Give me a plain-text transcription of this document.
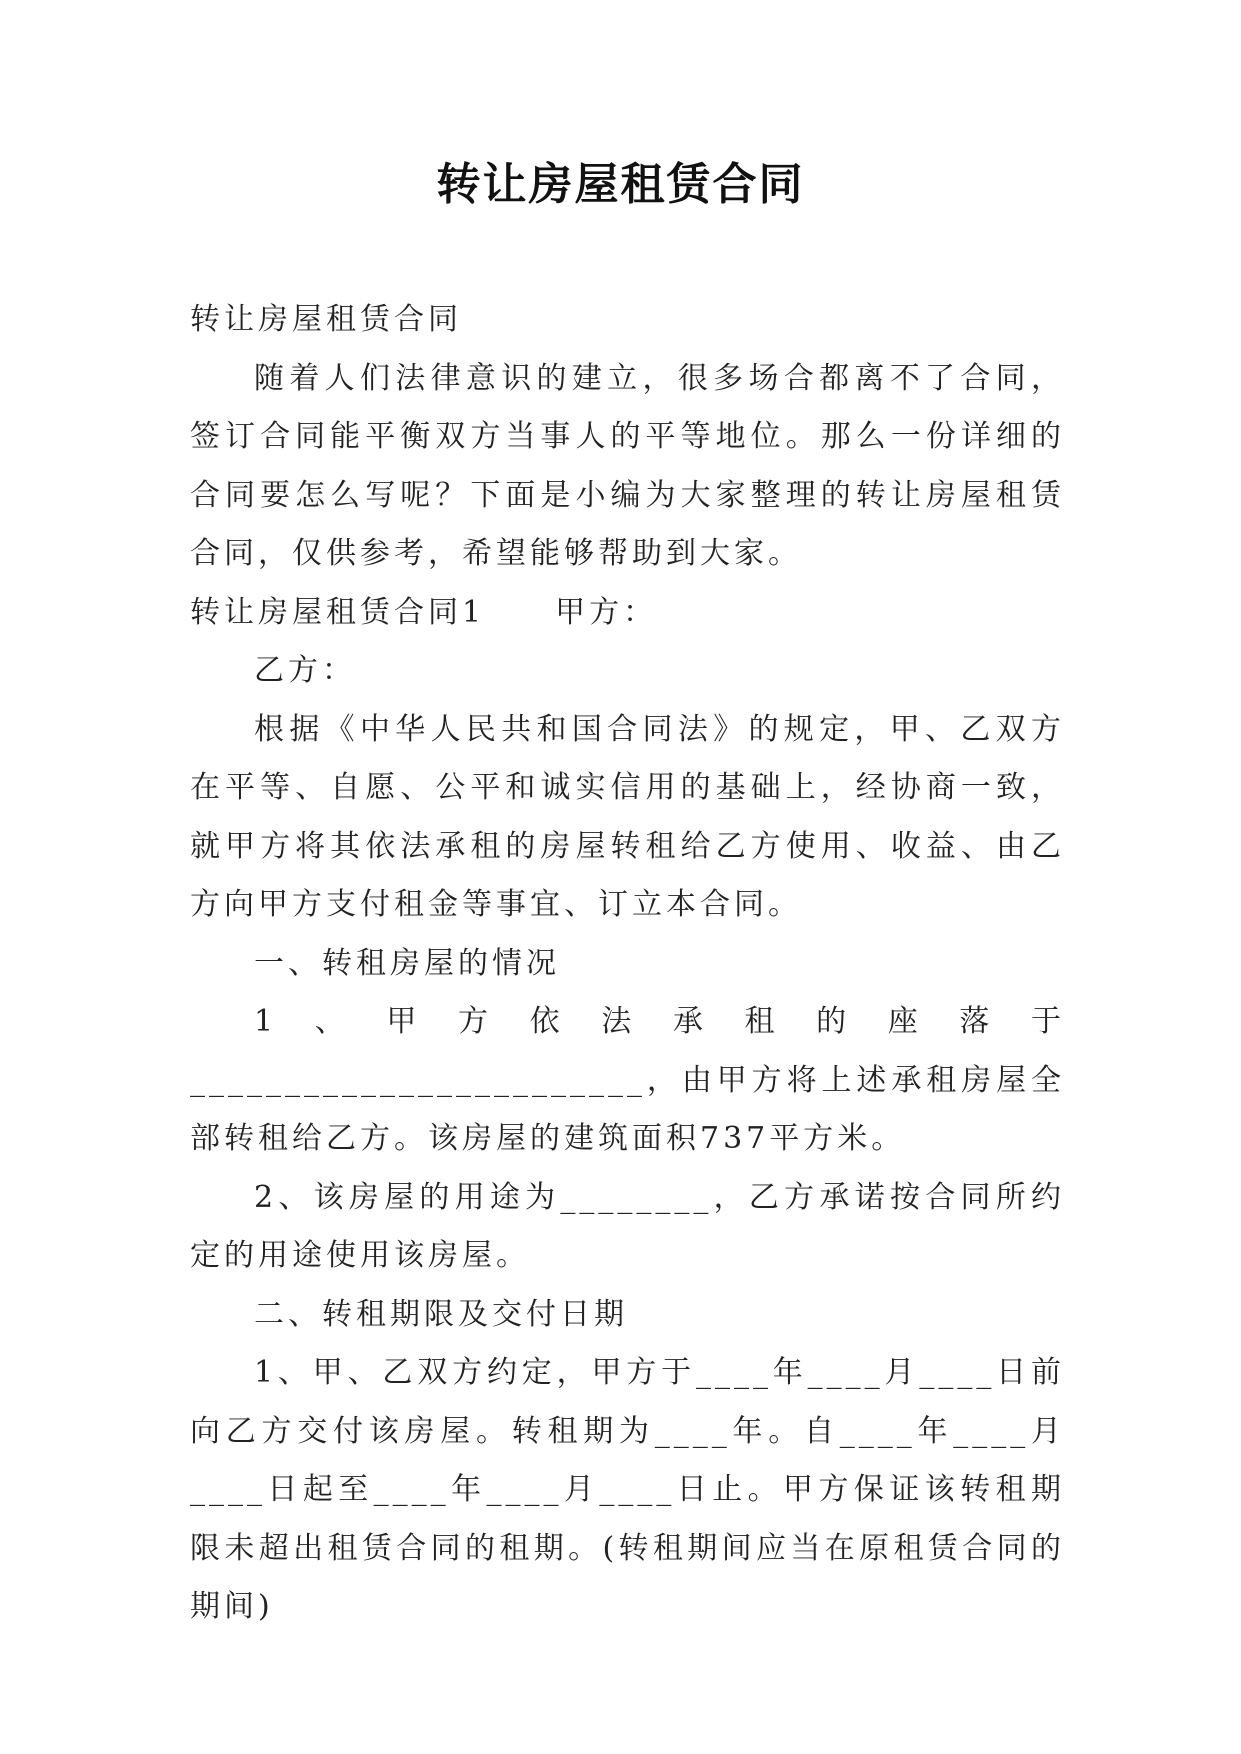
转让房屋租赁合同

转让房屋租赁合同

随着人们法律意识的建立，很多场合都离不了合同，签订合同能平衡双方当事人的平等地位。那么一份详细的合同要怎么写呢？下面是小编为大家整理的转让房屋租赁合同，仅供参考，希望能够帮助到大家。

转让房屋租赁合同1 甲方：

乙方：

根据《中华人民共和国合同法》的规定，甲、乙双方在平等、自愿、公平和诚实信用的基础上，经协商一致，就甲方将其依法承租的房屋转租给乙方使用、收益、由乙方向甲方支付租金等事宜、订立本合同。

一、转租房屋的情况

1、甲方依法承租的座落于________________________，由甲方将上述承租房屋全部转租给乙方。该房屋的建筑面积737平方米。

2、该房屋的用途为________，乙方承诺按合同所约定的用途使用该房屋。

二、转租期限及交付日期

1、甲、乙双方约定，甲方于____年____月____日前向乙方交付该房屋。转租期为____年。自____年____月____日起至____年____月____日止。甲方保证该转租期限未超出租赁合同的租期。(转租期间应当在原租赁合同的期间)
